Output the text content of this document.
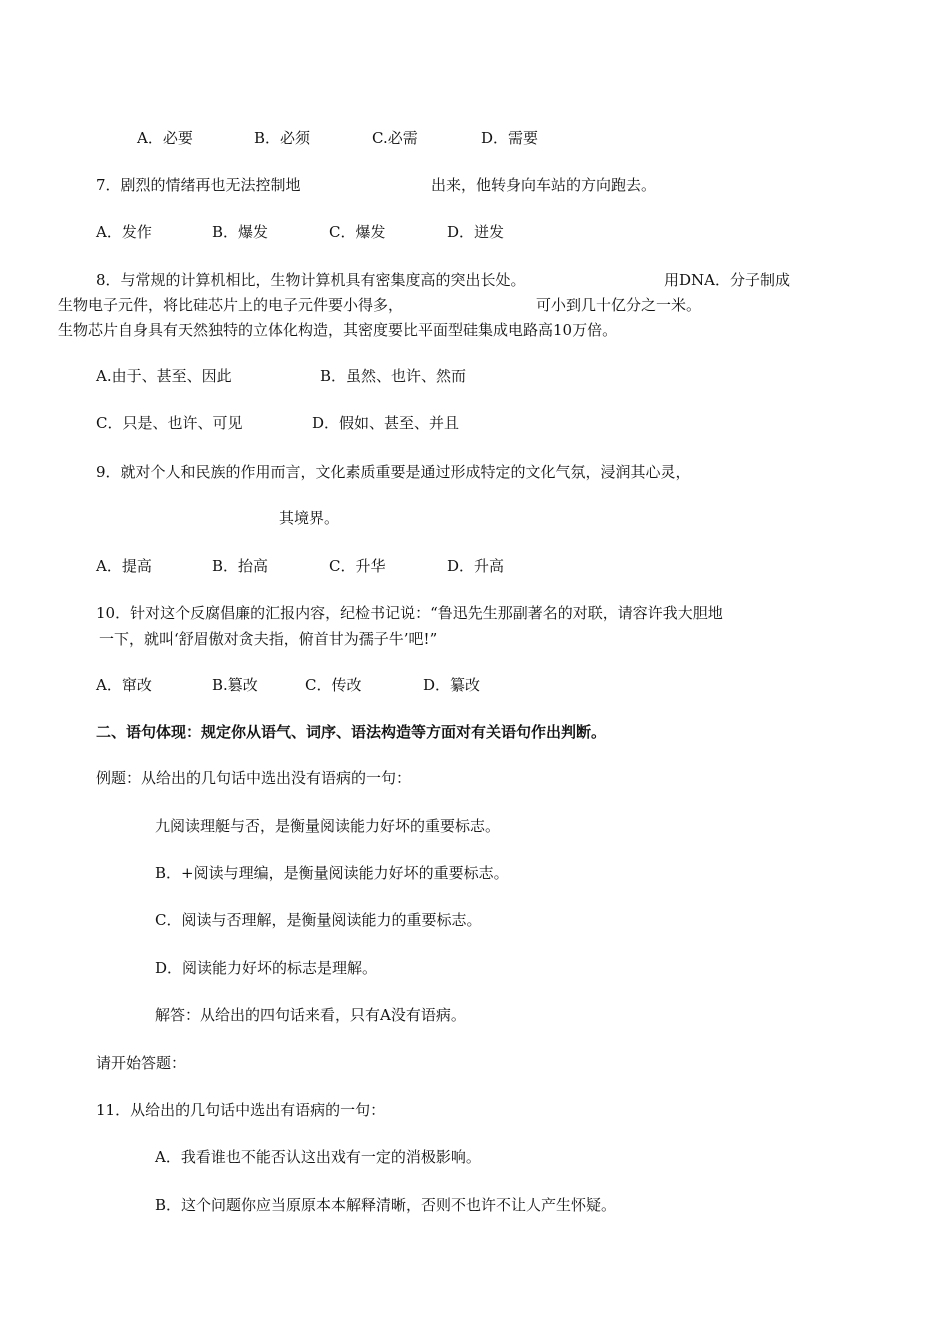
A．必要	B．必须	C.必需	D．需要
7．剧烈的情绪再也无法控制地	出来，他转身向车站的方向跑去。
A．发作	B．爆发	C．爆发	D．迸发
8．与常规的计算机相比，生物计算机具有密集度高的突出长处。	用DNA．分子制成
生物电子元件，将比硅芯片上的电子元件要小得多，	可小到几十亿分之一米。
生物芯片自身具有天然独特的立体化构造，其密度要比平面型硅集成电路高10万倍。
A.由于、甚至、因此	B．虽然、也许、然而
C．只是、也许、可见	D．假如、甚至、并且
9．就对个人和民族的作用而言，文化素质重要是通过形成特定的文化气氛，浸润其心灵，
其境界。
A．提高	B．抬高	C．升华	D．升高
10．针对这个反腐倡廉的汇报内容，纪检书记说：“鲁迅先生那副著名的对联，请容许我大胆地
一下，就叫‘舒眉傲对贪夫指，俯首甘为孺子牛’吧!”
A．窜改	B.篡改	C．传改	D．纂改
二、语句体现：规定你从语气、词序、语法构造等方面对有关语句作出判断。
例题：从给出的几句话中选出没有语病的一句：
九阅读理艇与否，是衡量阅读能力好坏的重要标志。
B．+阅读与理编，是衡量阅读能力好坏的重要标志。
C．阅读与否理解，是衡量阅读能力的重要标志。
D．阅读能力好坏的标志是理解。
解答：从给出的四句话来看，只有A没有语病。
请开始答题：
11．从给出的几句话中选出有语病的一句：
A．我看谁也不能否认这出戏有一定的消极影响。
B．这个问题你应当原原本本解释清晰，否则不也许不让人产生怀疑。
